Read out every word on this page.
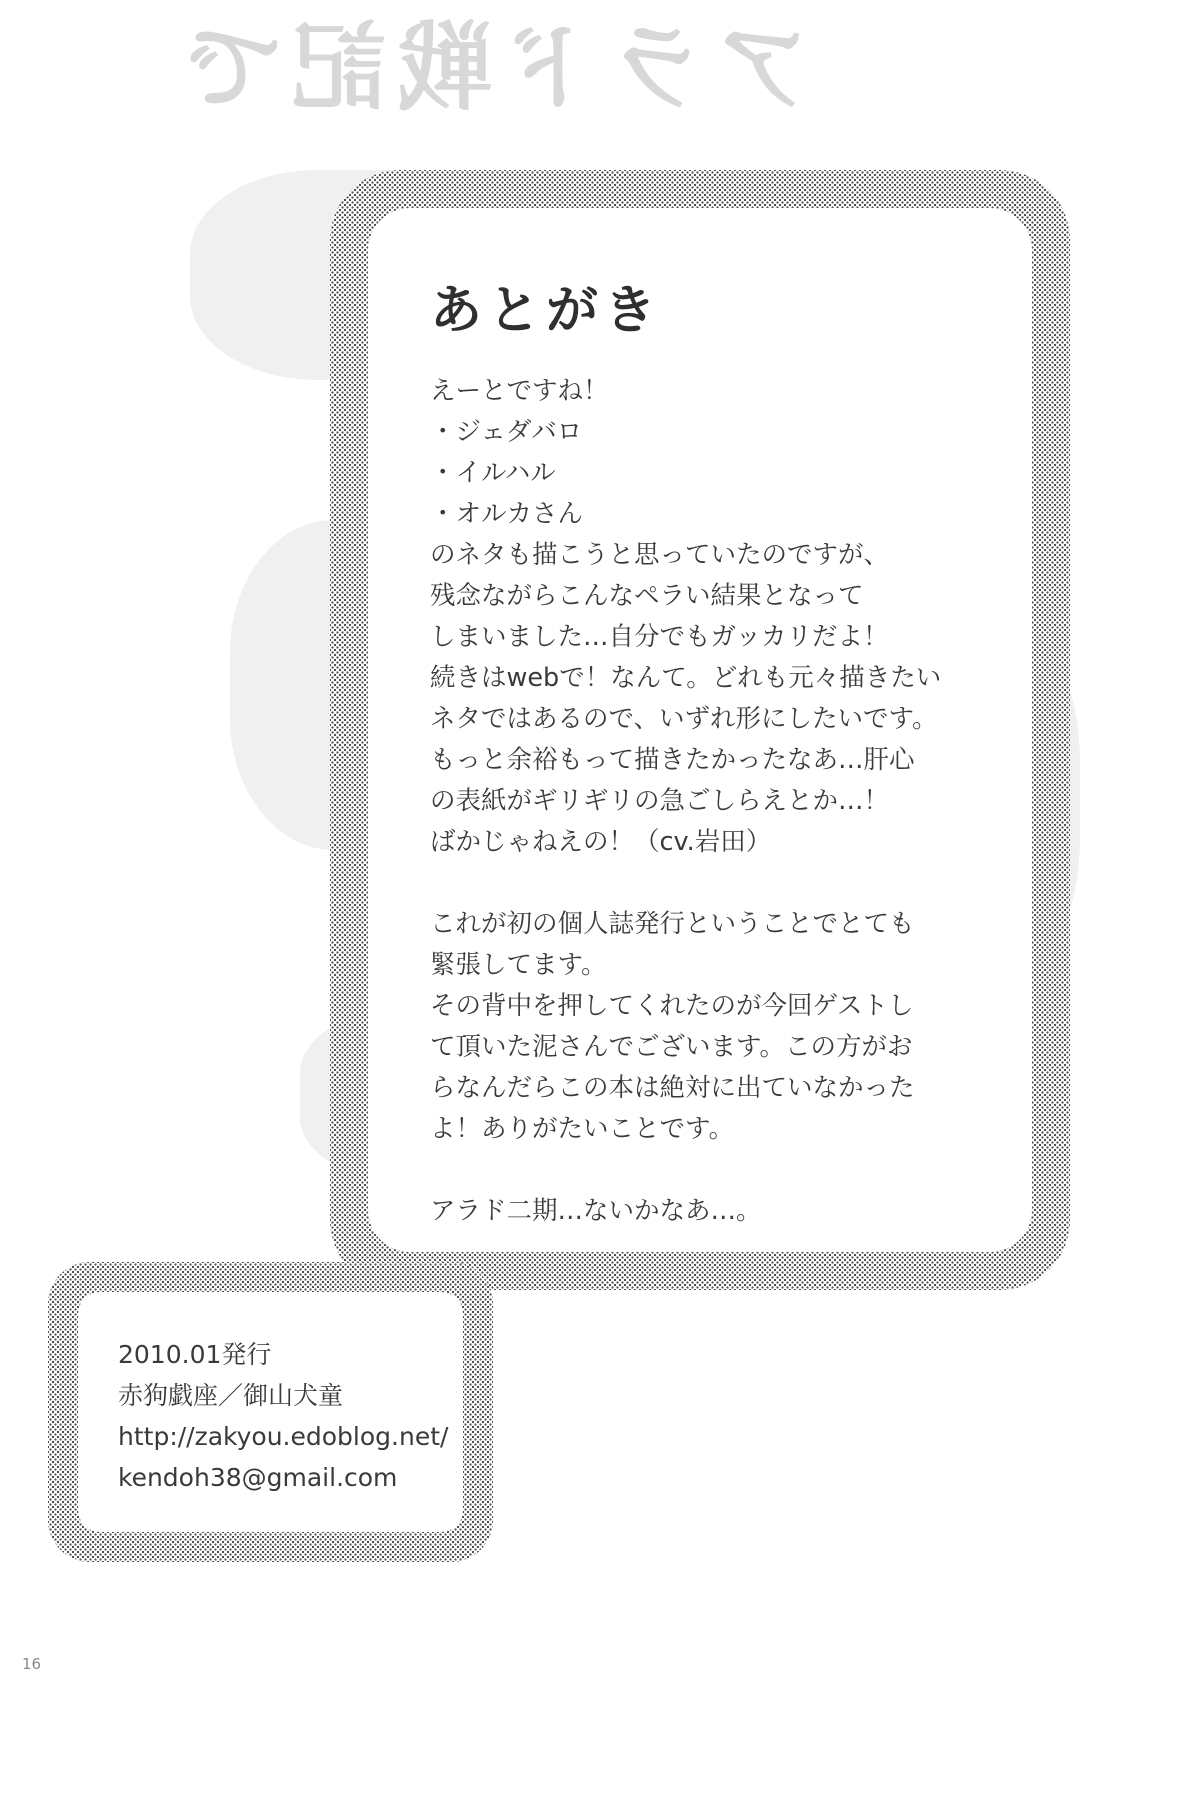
アラド戦記で
あとがき

えーとですね！
・ジェダバロ
・イルハル
・オルカさん
のネタも描こうと思っていたのですが、
残念ながらこんなペラい結果となって
しまいました…自分でもガッカリだよ！
続きはwebで！なんて。どれも元々描きたい
ネタではあるので、いずれ形にしたいです。
もっと余裕もって描きたかったなあ…肝心
の表紙がギリギリの急ごしらえとか…！
ばかじゃねえの！（cv.岩田）

これが初の個人誌発行ということでとても
緊張してます。
その背中を押してくれたのが今回ゲストし
て頂いた泥さんでございます。この方がお
らなんだらこの本は絶対に出ていなかった
よ！ありがたいことです。

アラド二期…ないかなあ…。

2010.01発行

赤狗戯座／御山犬童

http://zakyou.edoblog.net/

kendoh38@gmail.com

16
